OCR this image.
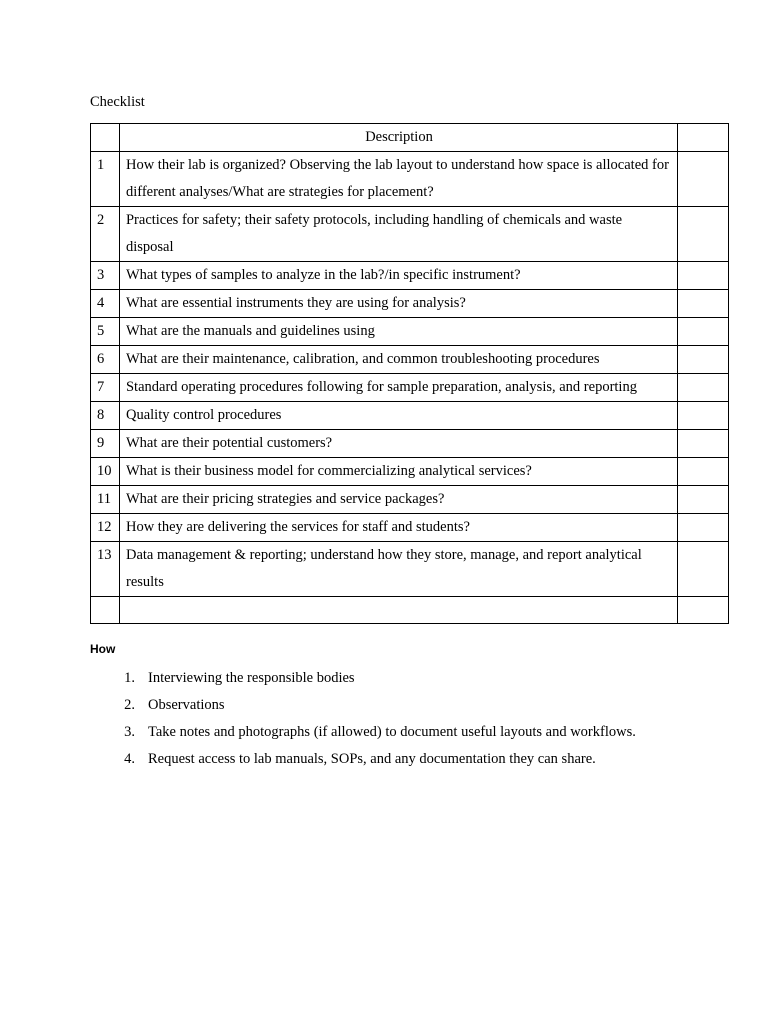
Checklist
	Description	
1	How their lab is organized? Observing the lab layout to understand how space is allocated for different analyses/What are strategies for placement?	
2	Practices for safety; their safety protocols, including handling of chemicals and waste disposal	
3	What types of samples to analyze in the lab?/in specific instrument?	
4	What are essential instruments they are using for analysis?	
5	What are the manuals and guidelines using	
6	What are their maintenance, calibration, and common troubleshooting procedures	
7	Standard operating procedures following for sample preparation, analysis, and reporting	
8	Quality control procedures	
9	What are their potential customers?	
10	What is their business model for commercializing analytical services?	
11	What are their pricing strategies and service packages?	
12	How they are delivering the services for staff and students?	
13	Data management & reporting; understand how they store, manage, and report analytical results	

How
1. Interviewing the responsible bodies
2. Observations
3. Take notes and photographs (if allowed) to document useful layouts and workflows.
4. Request access to lab manuals, SOPs, and any documentation they can share.
